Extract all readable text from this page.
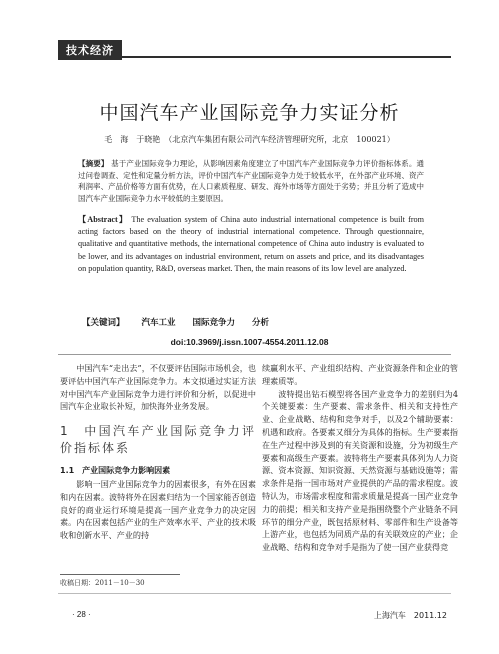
技术经济
中国汽车产业国际竞争力实证分析
毛　海　于晓艳　（北京汽车集团有限公司汽车经济管理研究所，北京　100021）
【摘要】 基于产业国际竞争力理论，从影响因素角度建立了中国汽车产业国际竞争力评价指标体系。通过问卷调查、定性和定量分析方法，评价中国汽车产业国际竞争力处于较低水平，在外部产业环境、资产利润率、产品价格等方面有优势，在人口素质程度、研发、海外市场等方面处于劣势；并且分析了造成中国汽车产业国际竞争力水平较低的主要原因。
【Abstract】 The evaluation system of China auto industrial international competence is built from acting factors based on the theory of industrial international competence. Through questionnaire, qualitative and quantitative methods, the international competence of China auto industry is evaluated to be lower, and its advantages on industrial environment, return on assets and price, and its disadvantages on population quantity, R&D, overseas market. Then, the main reasons of its low level are analyzed.
【关键词】 汽车工业 国际竞争力 分析
doi:10.3969/j.issn.1007-4554.2011.12.08

中国汽车“走出去”，不仅要评估国际市场机会，也要评估中国汽车产业国际竞争力。本文拟通过实证方法对中国汽车产业国际竞争力进行评价和分析，以促进中国汽车企业取长补短，加快海外业务发展。

1　中国汽车产业国际竞争力评价指标体系
1.1　产业国际竞争力影响因素

影响一国产业国际竞争力的因素很多，有外在因素和内在因素。波特将外在因素归结为一个国家能否创造良好的商业运行环境是提高一国产业竞争力的决定因素。内在因素包括产业的生产效率水平、产业的技术吸收和创新水平、产业的持

续赢利水平、产业组织结构、产业资源条件和企业的管理素质等。

波特提出钻石模型将各国产业竞争力的差别归为4个关键要素：生产要素、需求条件、相关和支持性产业、企业战略、结构和竞争对手，以及2个辅助要素：机遇和政府。各要素又细分为具体的指标。生产要素指在生产过程中涉及到的有关资源和设施，分为初级生产要素和高级生产要素。波特将生产要素具体列为人力资源、资本资源、知识资源、天然资源与基础设施等；需求条件是指一国市场对产业提供的产品的需求程度。波特认为，市场需求程度和需求质量是提高一国产业竞争力的前提；相关和支持产业是指围绕整个产业链条不同环节的细分产业，既包括原材料、零部件和生产设备等上游产业，也包括为同质产品的有关联效应的产业；企业战略、结构和竞争对手是指为了使一国产业获得竞

收稿日期：2011－10－30
· 28 ·	上海汽车　2011.12
